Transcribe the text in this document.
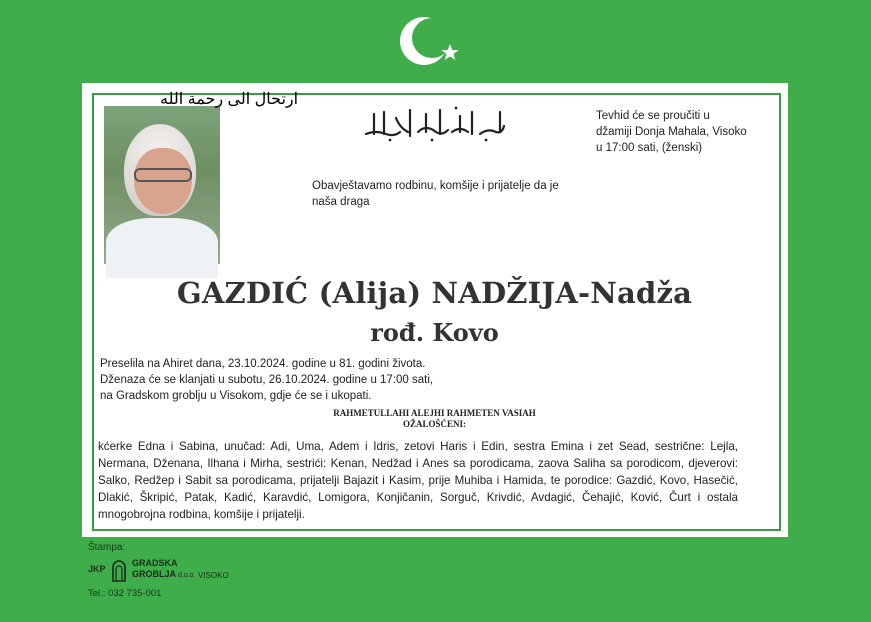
ارتحال الى رحمة الله
Tevhid će se proučiti u
džamiji Donja Mahala, Visoko
u 17:00 sati, (ženski)
Obavještavamo rodbinu, komšije i prijatelje da je
naša draga
GAZDIĆ (Alija) NADŽIJA-Nadža
rođ. Kovo
Preselila na Ahiret dana, 23.10.2024. godine u 81. godini života.
Dženaza će se klanjati u subotu, 26.10.2024. godine u 17:00 sati,
na Gradskom groblju u Visokom, gdje će se i ukopati.
RAHMETULLAHI ALEJHI RAHMETEN VASIAH
OŽALOŠĆENI:
kćerke Edna i Sabina, unučad: Adi, Uma, Adem i Idris, zetovi Haris i Edin, sestra Emina i zet Sead, sestrične: Lejla, Nermana, Dženana, Ilhana i Mirha, sestrići: Kenan, Nedžad i Anes sa porodicama, zaova Saliha sa porodicom, djeverovi: Salko, Redžep i Sabit sa porodicama, prijatelji Bajazit i Kasim, prije Muhiba i Hamida, te porodice: Gazdić, Kovo, Hasečić, Dlakić, Škripić, Patak, Kadić, Karavdić, Lomigora, Konjičanin, Sorguč, Krivdić, Avdagić, Čehajić, Ković, Čurt i ostala mnogobrojna rodbina, komšije i prijatelji.
Štampa:
JKP
GRADSKA
GROBLJA d.o.o. VISOKO
Tel.: 032 735-001
